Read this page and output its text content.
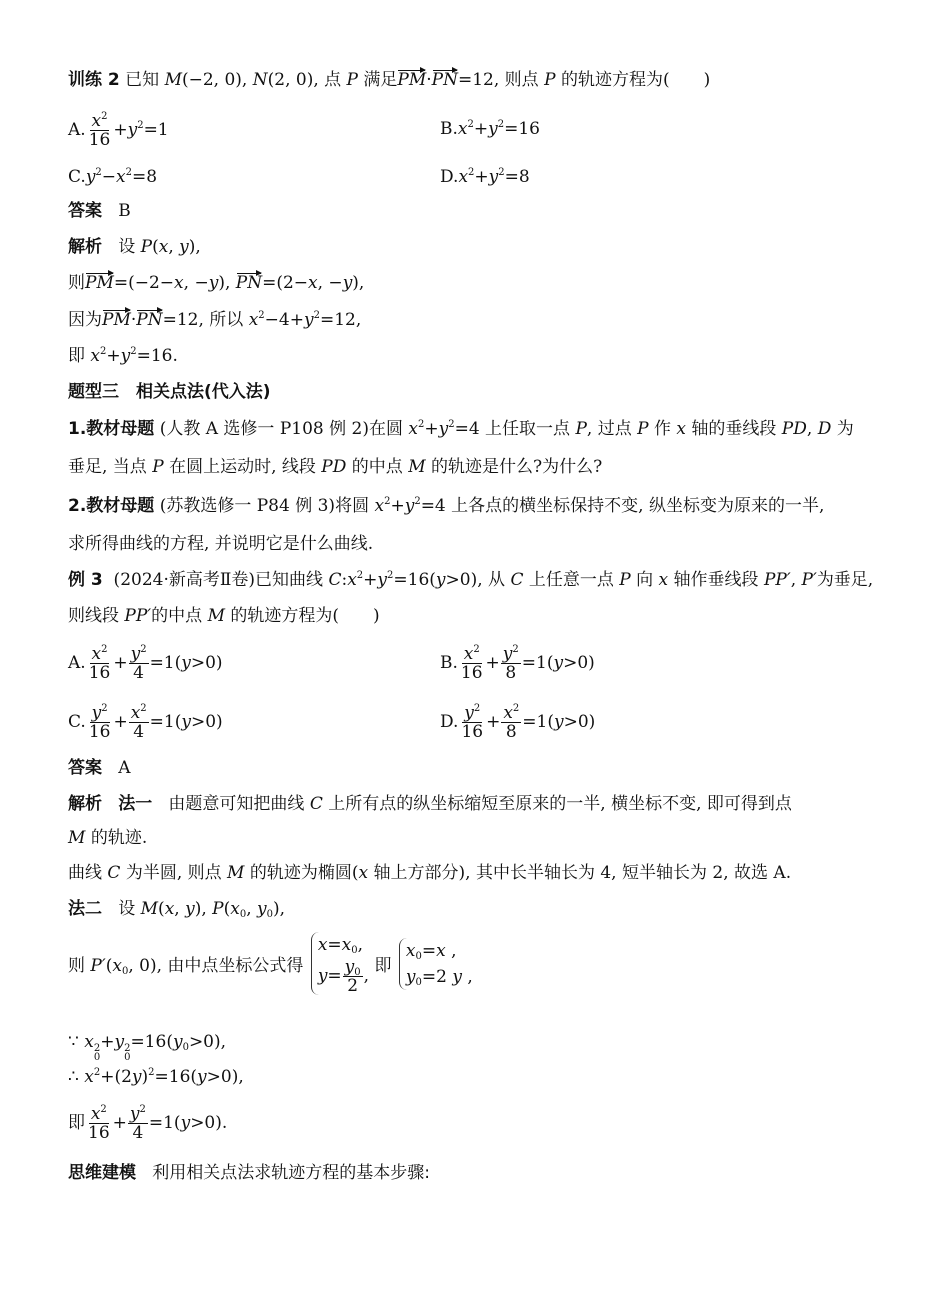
训练 2 已知 M(−2, 0), N(2, 0), 点 P 满足PM·PN=12, 则点 P 的轨迹方程为(　　)
A. $\frac{x^2}{16} +y^2=1$	$B.x^2+y^2=16$
$C.y^2-x^2=8$	$D.x^2+y^2=8$
答案 B
解析   设 P(x, y),
则PM=(−2−x, −y), PN=(2−x, −y),
因为PM·PN=12, 所以 $x^2-4+y^2=12$,
即 $x^2+y^2=16$.
题型三　相关点法(代入法)
1.教材母题 (人教 A 选修一 P108 例 2)在圆 $x^2+y^2=4$ 上任取一点 P, 过点 P 作 x 轴的垂线段 PD, D 为
垂足, 当点 P 在圆上运动时, 线段 PD 的中点 M 的轨迹是什么?为什么?
2.教材母题 (苏教选修一 P84 例 3)将圆 $x^2+y^2=4$ 上各点的横坐标保持不变, 纵坐标变为原来的一半,
求所得曲线的方程, 并说明它是什么曲线.
例 3  (2024·新高考Ⅱ卷)已知曲线 $C:x^2+y^2=16(y>0)$, 从 C 上任意一点 P 向 x 轴作垂线段 PP′, P′为垂足,
则线段 PP′的中点 M 的轨迹方程为(　　)
A. $\frac{x^2}{16} + \frac{y^2}{4} =1(y>0)$	B. $\frac{x^2}{16} + \frac{y^2}{8} =1(y>0)$
C. $\frac{y^2}{16} + \frac{x^2}{4} =1(y>0)$	D. $\frac{y^2}{16} + \frac{x^2}{8} =1(y>0)$
答案 A
解析 法一   由题意可知把曲线 C 上所有点的纵坐标缩短至原来的一半, 横坐标不变, 即可得到点
M 的轨迹.
曲线 C 为半圆, 则点 M 的轨迹为椭圆(x 轴上方部分), 其中长半轴长为 4, 短半轴长为 2, 故选 A.
法二   设 M(x, y), $P(x_0$, $y_0$),
则 $P'(x_0$, 0), 由中点坐标公式得
$x=x_0$,
$y= \frac{y_0}{2}$ , 即
$x_0=x$ ,
$y_0=2$ y ,
∵ x 2
0
+y 2
0
$=16(y_0>0)$,
∴ $x^2+(2y)^2=16(y>0)$,
即 $\frac{x^2}{16} + \frac{y^2}{4} =1(y>0)$.
思维建模 利用相关点法求轨迹方程的基本步骤:
